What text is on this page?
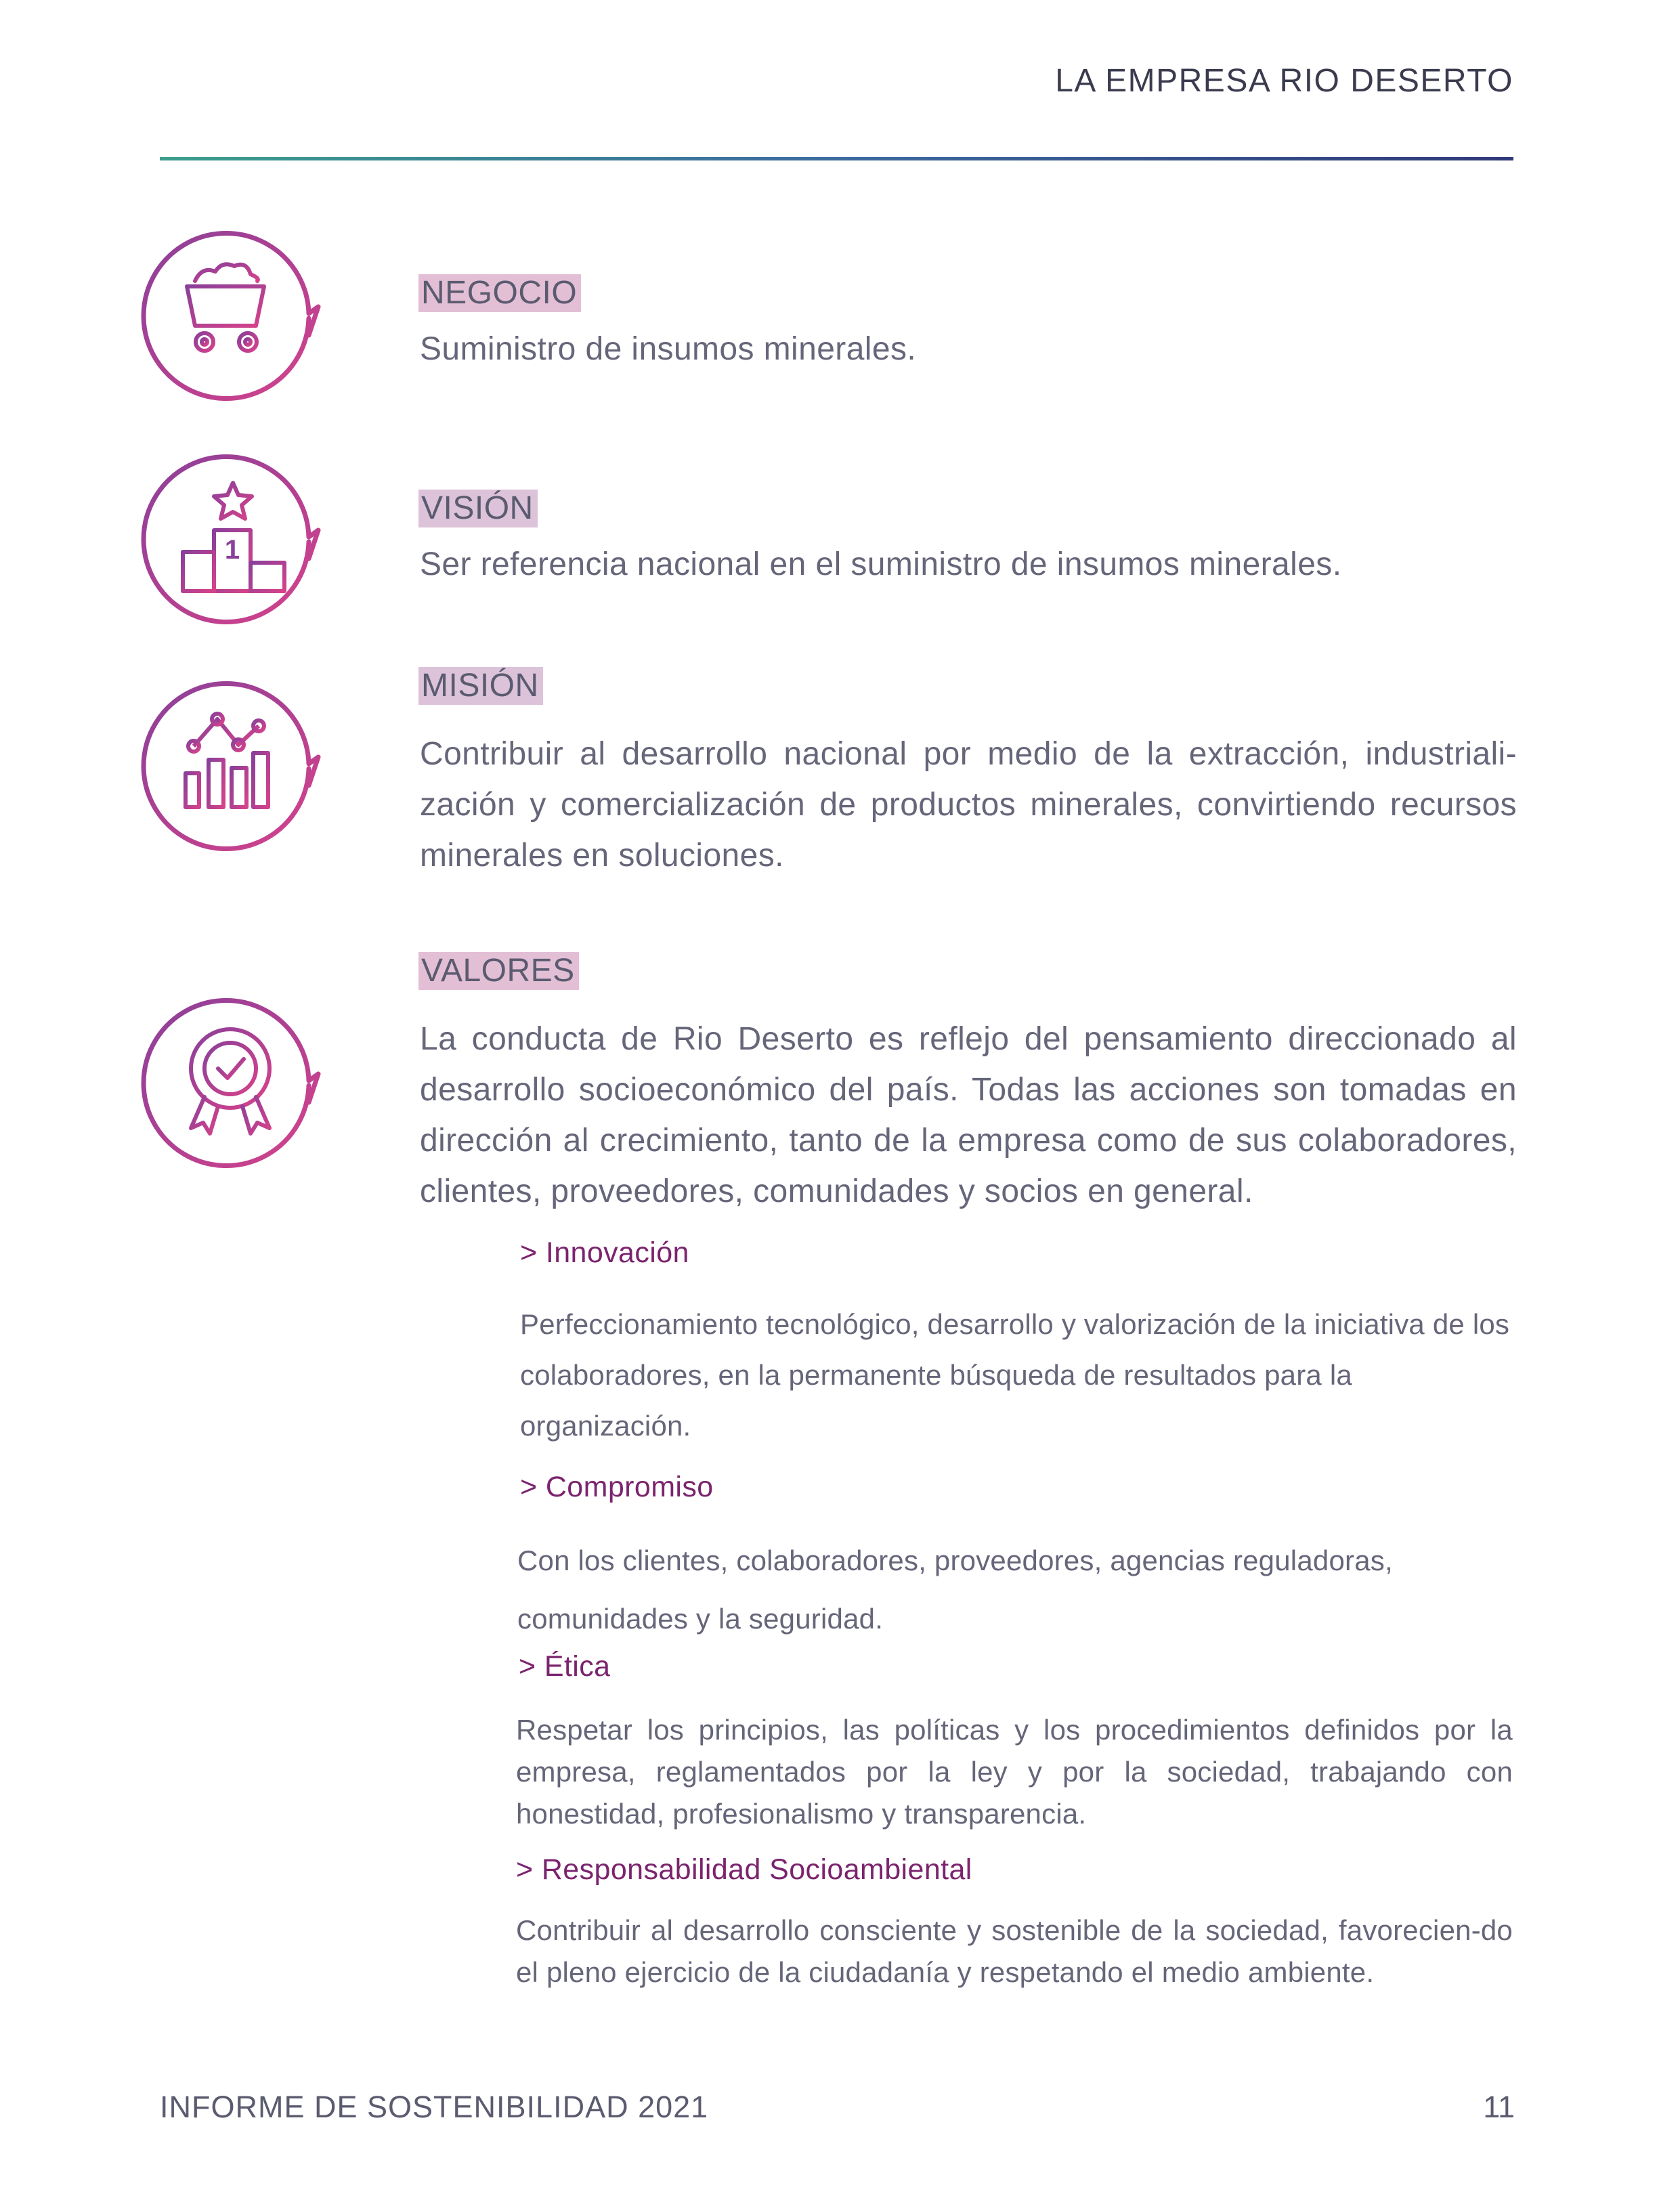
LA EMPRESA RIO DESERTO
1
NEGOCIO
Suministro de insumos minerales.
VISIÓN
Ser referencia nacional en el suministro de insumos minerales.
MISIÓN
Contribuir al desarrollo nacional por medio de la extracción, industriali-zación y comercialización de productos minerales, convirtiendo recursos minerales en soluciones.
VALORES
La conducta de Rio Deserto es reflejo del pensamiento direccionado al desarrollo socioeconómico del país. Todas las acciones son tomadas en dirección al crecimiento, tanto de la empresa como de sus colaboradores, clientes, proveedores, comunidades y socios en general.
> Innovación
Perfeccionamiento tecnológico, desarrollo y valorización de la iniciativa de los colaboradores, en la permanente búsqueda de resultados para la organización.
> Compromiso
Con los clientes, colaboradores, proveedores, agencias reguladoras, comunidades y la seguridad.
> Ética
Respetar los principios, las políticas y los procedimientos definidos por la empresa, reglamentados por la ley y por la sociedad, trabajando con honestidad, profesionalismo y transparencia.
> Responsabilidad Socioambiental
Contribuir al desarrollo consciente y sostenible de la sociedad, favorecien-do el pleno ejercicio de la ciudadanía y respetando el medio ambiente.
INFORME DE SOSTENIBILIDAD 2021	11
